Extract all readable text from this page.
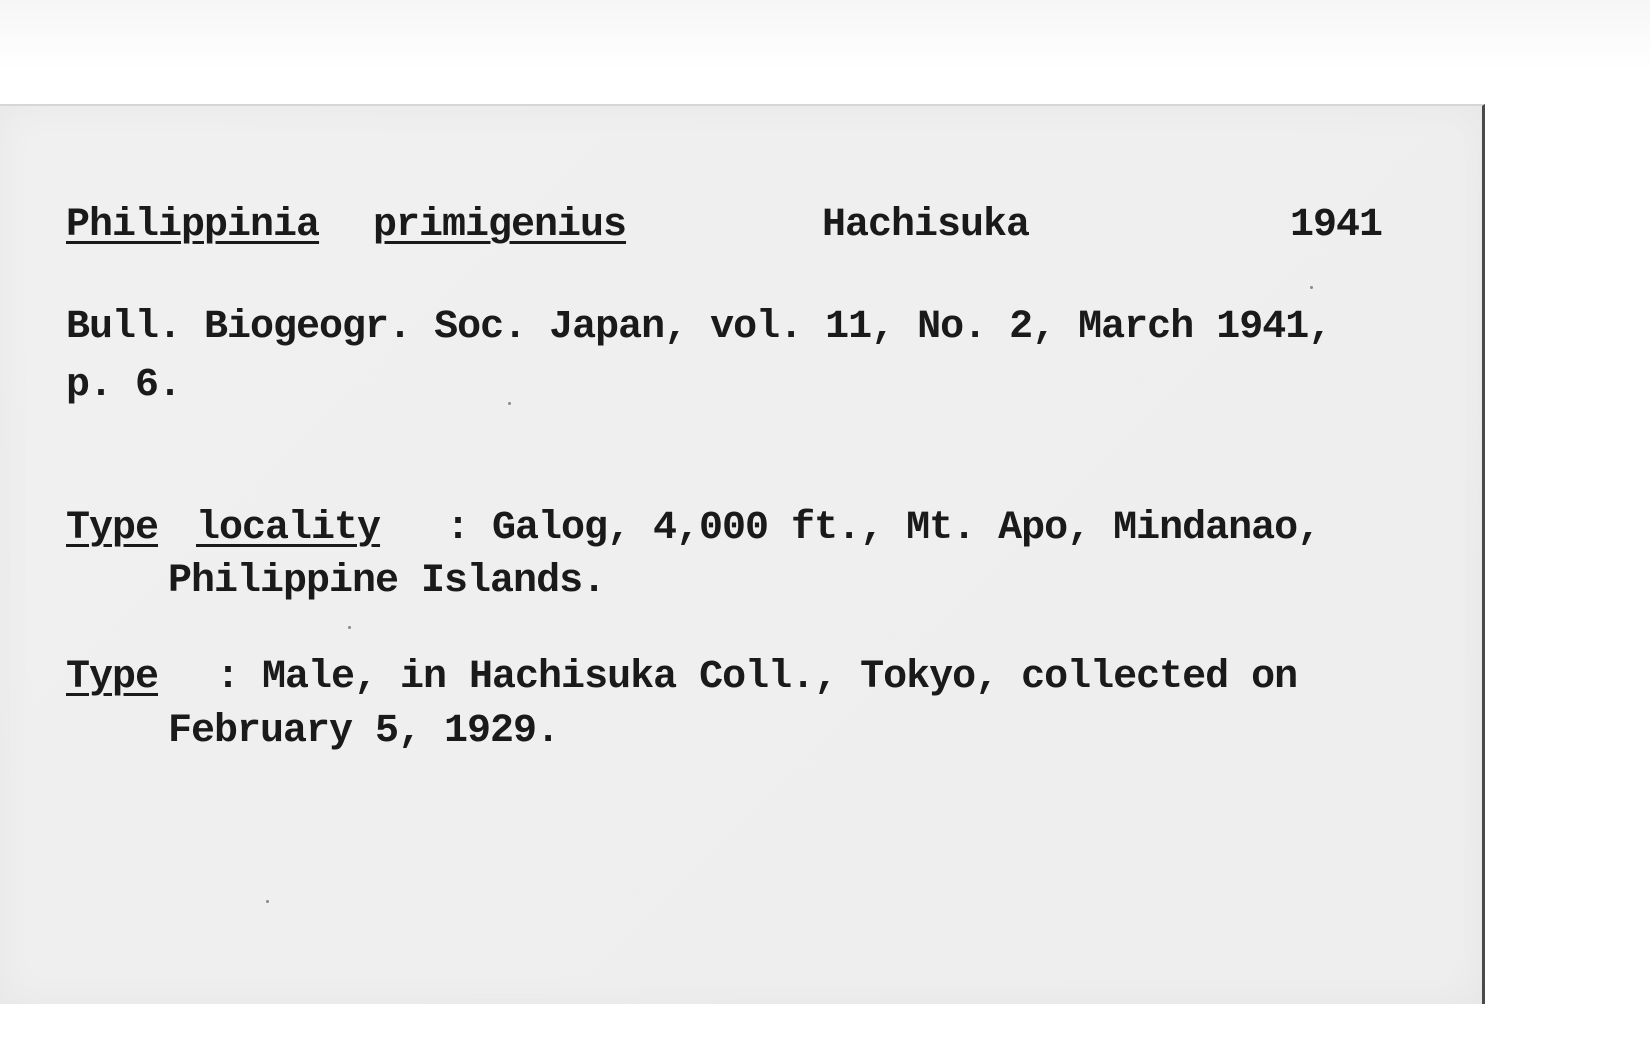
Philippinia primigenius	Hachisuka	1941
Bull. Biogeogr. Soc. Japan, vol. 11, No. 2, March 1941,
p. 6.
Type locality : Galog, 4,000 ft., Mt. Apo, Mindanao,
Philippine Islands.
Type : Male, in Hachisuka Coll., Tokyo, collected on
February 5, 1929.
